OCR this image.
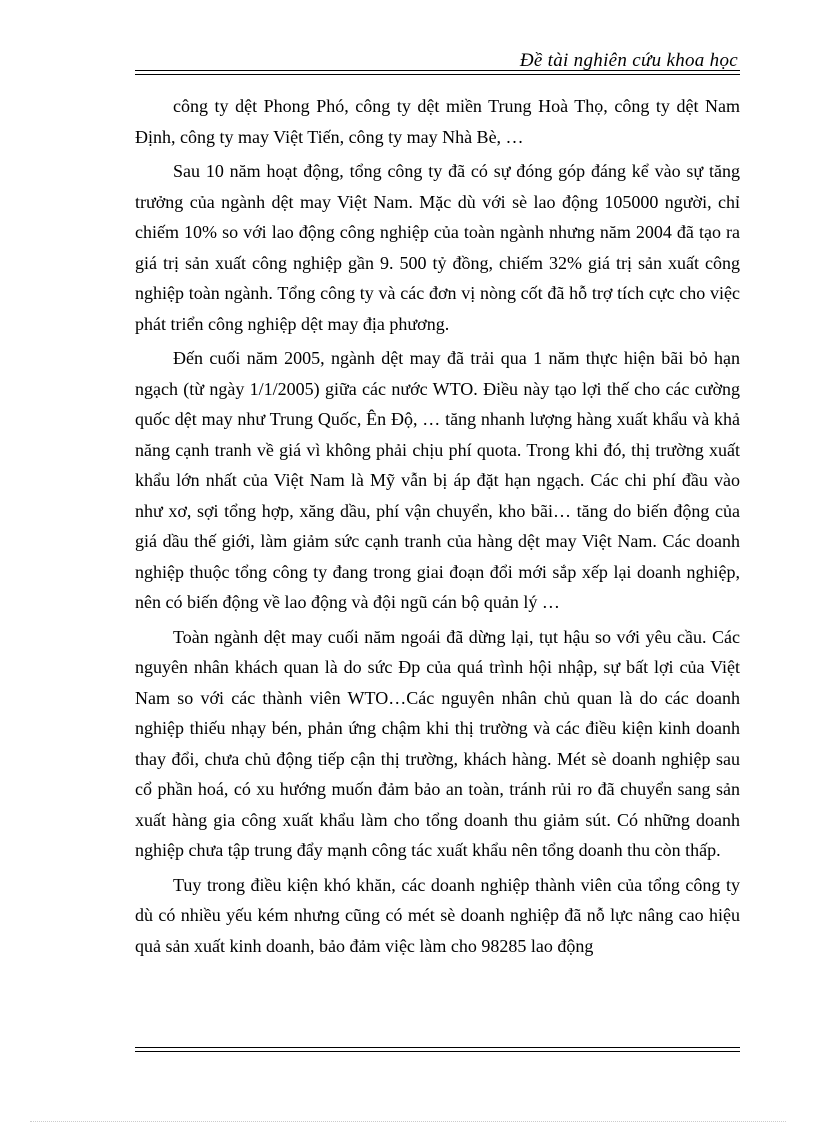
Đề tài nghiên cứu khoa học

công ty dệt Phong Phó, công ty dệt miền Trung Hoà Thọ, công ty dệt Nam Định, công ty may Việt Tiến, công ty may Nhà Bè, …

Sau 10 năm hoạt động, tổng công ty đã có sự đóng góp đáng kể vào sự tăng trưởng của ngành dệt may Việt Nam. Mặc dù với sè lao động 105000 người, chỉ chiếm 10% so với lao động công nghiệp của toàn ngành nhưng năm 2004 đã tạo ra giá trị sản xuất công nghiệp gần 9. 500 tỷ đồng, chiếm 32% giá trị sản xuất công nghiệp toàn ngành. Tổng công ty và các đơn vị nòng cốt đã hỗ trợ tích cực cho việc phát triển công nghiệp dệt may địa phương.

Đến cuối năm 2005, ngành dệt may đã trải qua 1 năm thực hiện bãi bỏ hạn ngạch (từ ngày 1/1/2005) giữa các nước WTO. Điều này tạo lợi thế cho các cường quốc dệt may như Trung Quốc, Ên Độ, … tăng nhanh lượng hàng xuất khẩu và khả năng cạnh tranh về giá vì không phải chịu phí quota. Trong khi đó, thị trường xuất khẩu lớn nhất của Việt Nam là Mỹ vẫn bị áp đặt hạn ngạch. Các chi phí đầu vào như xơ, sợi tổng hợp, xăng dầu, phí vận chuyển, kho bãi… tăng do biến động của giá dầu thế giới, làm giảm sức cạnh tranh của hàng dệt may Việt Nam. Các doanh nghiệp thuộc tổng công ty đang trong giai đoạn đổi mới sắp xếp lại doanh nghiệp, nên có biến động về lao động và đội ngũ cán bộ quản lý …

Toàn ngành dệt may cuối năm ngoái đã dừng lại, tụt hậu so với yêu cầu. Các nguyên nhân khách quan là do sức Đp của quá trình hội nhập, sự bất lợi của Việt Nam so với các thành viên WTO…Các nguyên nhân chủ quan là do các doanh nghiệp thiếu nhạy bén, phản ứng chậm khi thị trường và các điều kiện kinh doanh thay đổi, chưa chủ động tiếp cận thị trường, khách hàng. Mét sè doanh nghiệp sau cổ phần hoá, có xu hướng muốn đảm bảo an toàn, tránh rủi ro đã chuyển sang sản xuất hàng gia công xuất khẩu làm cho tổng doanh thu giảm sút. Có những doanh nghiệp chưa tập trung đẩy mạnh công tác xuất khẩu nên tổng doanh thu còn thấp.

Tuy trong điều kiện khó khăn, các doanh nghiệp thành viên của tổng công ty dù có nhiều yếu kém nhưng cũng có mét sè doanh nghiệp đã nỗ lực nâng cao hiệu quả sản xuất kinh doanh, bảo đảm việc làm cho 98285 lao động
